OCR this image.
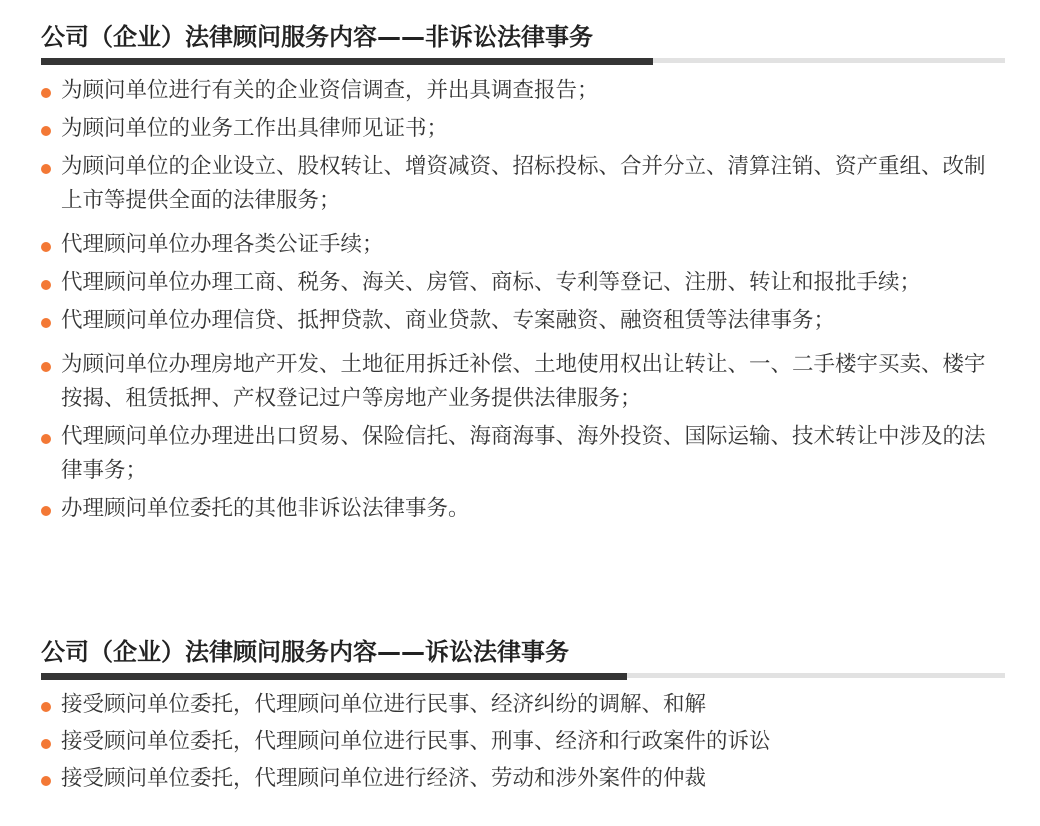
公司（企业）法律顾问服务内容——非诉讼法律事务
为顾问单位进行有关的企业资信调查，并出具调查报告；
为顾问单位的业务工作出具律师见证书；
为顾问单位的企业设立、股权转让、增资减资、招标投标、合并分立、清算注销、资产重组、改制上市等提供全面的法律服务；
代理顾问单位办理各类公证手续；
代理顾问单位办理工商、税务、海关、房管、商标、专利等登记、注册、转让和报批手续；
代理顾问单位办理信贷、抵押贷款、商业贷款、专案融资、融资租赁等法律事务；
为顾问单位办理房地产开发、土地征用拆迁补偿、土地使用权出让转让、一、二手楼宇买卖、楼宇按揭、租赁抵押、产权登记过户等房地产业务提供法律服务；
代理顾问单位办理进出口贸易、保险信托、海商海事、海外投资、国际运输、技术转让中涉及的法律事务；
办理顾问单位委托的其他非诉讼法律事务。
公司（企业）法律顾问服务内容——诉讼法律事务
接受顾问单位委托，代理顾问单位进行民事、经济纠纷的调解、和解
接受顾问单位委托，代理顾问单位进行民事、刑事、经济和行政案件的诉讼
接受顾问单位委托，代理顾问单位进行经济、劳动和涉外案件的仲裁
